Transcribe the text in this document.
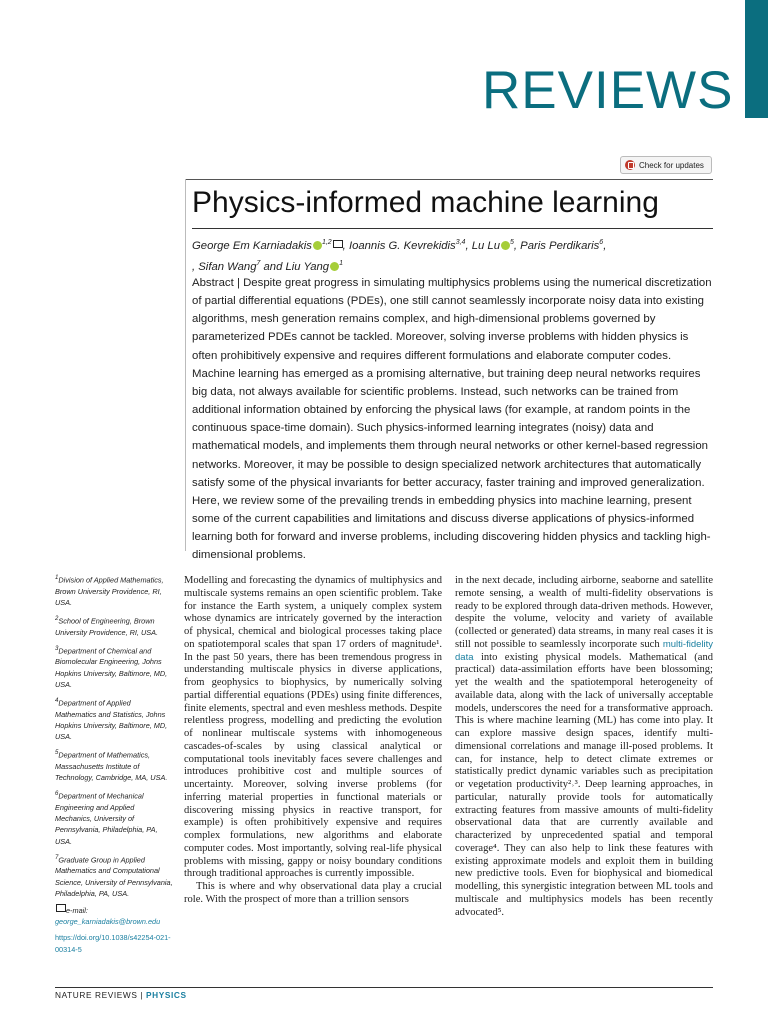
REVIEWS
Check for updates
Physics-informed machine learning
George Em Karniadakis $^{1,2}$ , Ioannis G. Kevrekidis$^{3,4}$, Lu Lu $^5$, Paris Perdikaris$^6$,
, Sifan Wang$^7$ and Liu Yang $^1$
Abstract | Despite great progress in simulating multiphysics problems using the numerical discretization of partial differential equations (PDEs), one still cannot seamlessly incorporate noisy data into existing algorithms, mesh generation remains complex, and high-dimensional problems governed by parameterized PDEs cannot be tackled. Moreover, solving inverse problems with hidden physics is often prohibitively expensive and requires different formulations and elaborate computer codes. Machine learning has emerged as a promising alternative, but training deep neural networks requires big data, not always available for scientific problems. Instead, such networks can be trained from additional information obtained by enforcing the physical laws (for example, at random points in the continuous space-time domain). Such physics-informed learning integrates (noisy) data and mathematical models, and implements them through neural networks or other kernel-based regression networks. Moreover, it may be possible to design specialized network architectures that automatically satisfy some of the physical invariants for better accuracy, faster training and improved generalization. Here, we review some of the prevailing trends in embedding physics into machine learning, present some of the current capabilities and limitations and discuss diverse applications of physics-informed learning both for forward and inverse problems, including discovering hidden physics and tackling high-dimensional problems.

$^1$Division of Applied Mathematics, Brown University Providence, RI, USA.

$^2$School of Engineering, Brown University Providence, RI, USA.

$^3$Department of Chemical and Biomolecular Engineering, Johns Hopkins University, Baltimore, MD, USA.

$^4$Department of Applied Mathematics and Statistics, Johns Hopkins University, Baltimore, MD, USA.

$^5$Department of Mathematics, Massachusetts Institute of Technology, Cambridge, MA, USA.

$^6$Department of Mechanical Engineering and Applied Mechanics, University of Pennsylvania, Philadelphia, PA, USA.

$^7$Graduate Group in Applied Mathematics and Computational Science, University of Pennsylvania, Philadelphia, PA, USA.

e-mail: george_karniadakis@brown.edu

https://doi.org/10.1038/s42254-021-00314-5

Modelling and forecasting the dynamics of multiphysics and multiscale systems remains an open scientific problem. Take for instance the Earth system, a uniquely complex system whose dynamics are intricately governed by the interaction of physical, chemical and biological processes taking place on spatiotemporal scales that span 17 orders of magnitude¹. In the past 50 years, there has been tremendous progress in understanding multiscale physics in diverse applications, from geophysics to biophysics, by numerically solving partial differential equations (PDEs) using finite differences, finite elements, spectral and even meshless methods. Despite relentless progress, modelling and predicting the evolution of nonlinear multiscale systems with inhomogeneous cascades-of-scales by using classical analytical or computational tools inevitably faces severe challenges and introduces prohibitive cost and multiple sources of uncertainty. Moreover, solving inverse problems (for inferring material properties in functional materials or discovering missing physics in reactive transport, for example) is often prohibitively expensive and requires complex formulations, new algorithms and elaborate computer codes. Most importantly, solving real-life physical problems with missing, gappy or noisy boundary conditions through traditional approaches is currently impossible.

This is where and why observational data play a crucial role. With the prospect of more than a trillion sensors

in the next decade, including airborne, seaborne and satellite remote sensing, a wealth of multi-fidelity observations is ready to be explored through data-driven methods. However, despite the volume, velocity and variety of available (collected or generated) data streams, in many real cases it is still not possible to seamlessly incorporate such multi-fidelity data into existing physical models. Mathematical (and practical) data-assimilation efforts have been blossoming; yet the wealth and the spatiotemporal heterogeneity of available data, along with the lack of universally acceptable models, underscores the need for a transformative approach. This is where machine learning (ML) has come into play. It can explore massive design spaces, identify multi-dimensional correlations and manage ill-posed problems. It can, for instance, help to detect climate extremes or statistically predict dynamic variables such as precipitation or vegetation productivity²˒³. Deep learning approaches, in particular, naturally provide tools for automatically extracting features from massive amounts of multi-fidelity observational data that are currently available and characterized by unprecedented spatial and temporal coverage⁴. They can also help to link these features with existing approximate models and exploit them in building new predictive tools. Even for biophysical and biomedical modelling, this synergistic integration between ML tools and multiscale and multiphysics models has been recently advocated⁵.

NATURE REVIEWS | PHYSICS
